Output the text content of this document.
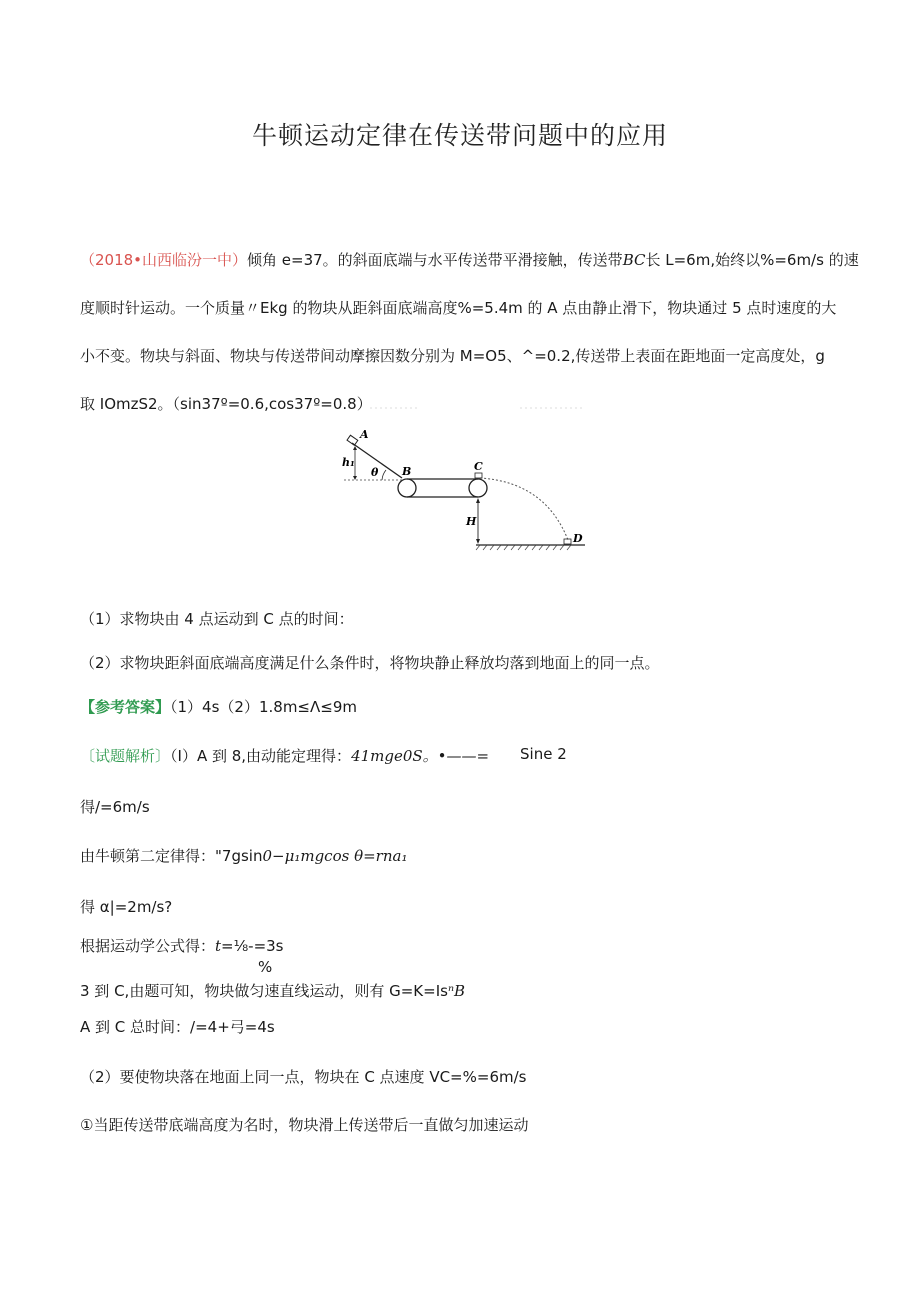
牛顿运动定律在传送带问题中的应用
（2018•山西临汾一中）倾角 e=37。的斜面底端与水平传送带平滑接触，传送带BC长 L=6m,始终以%=6m/s 的速
度顺时针运动。一个质量〃Ekg 的物块从距斜面底端高度%=5.4m 的 A 点由静止滑下，物块通过 5 点时速度的大
小不变。物块与斜面、物块与传送带间动摩擦因数分别为 M=O5、^=0.2,传送带上表面在距地面一定高度处，g
取 IOmzS2。（sin37º=0.6,cos37º=0.8）
A
h₁
θ B	C
H
D
（1）求物块由 4 点运动到 C 点的时间：
（2）求物块距斜面底端高度满足什么条件时，将物块静止释放均落到地面上的同一点。
【参考答案】（1）4s（2）1.8m≤Λ≤9m
〔试题解析〕（I）A 到 8,由动能定理得：41mge0S。•——= Sine 2
得/=6m/s
由牛顿第二定律得："7gsin0−μ₁mgcos θ=rna₁
得 α|=2m/s?
根据运动学公式得：t=⅛-=3s
%
3 到 C,由题可知，物块做匀速直线运动，则有 G=K=IsⁿB
A 到 C 总时间：/=4+弓=4s
（2）要使物块落在地面上同一点，物块在 C 点速度 VC=%=6m/s
①当距传送带底端高度为名时，物块滑上传送带后一直做匀加速运动
